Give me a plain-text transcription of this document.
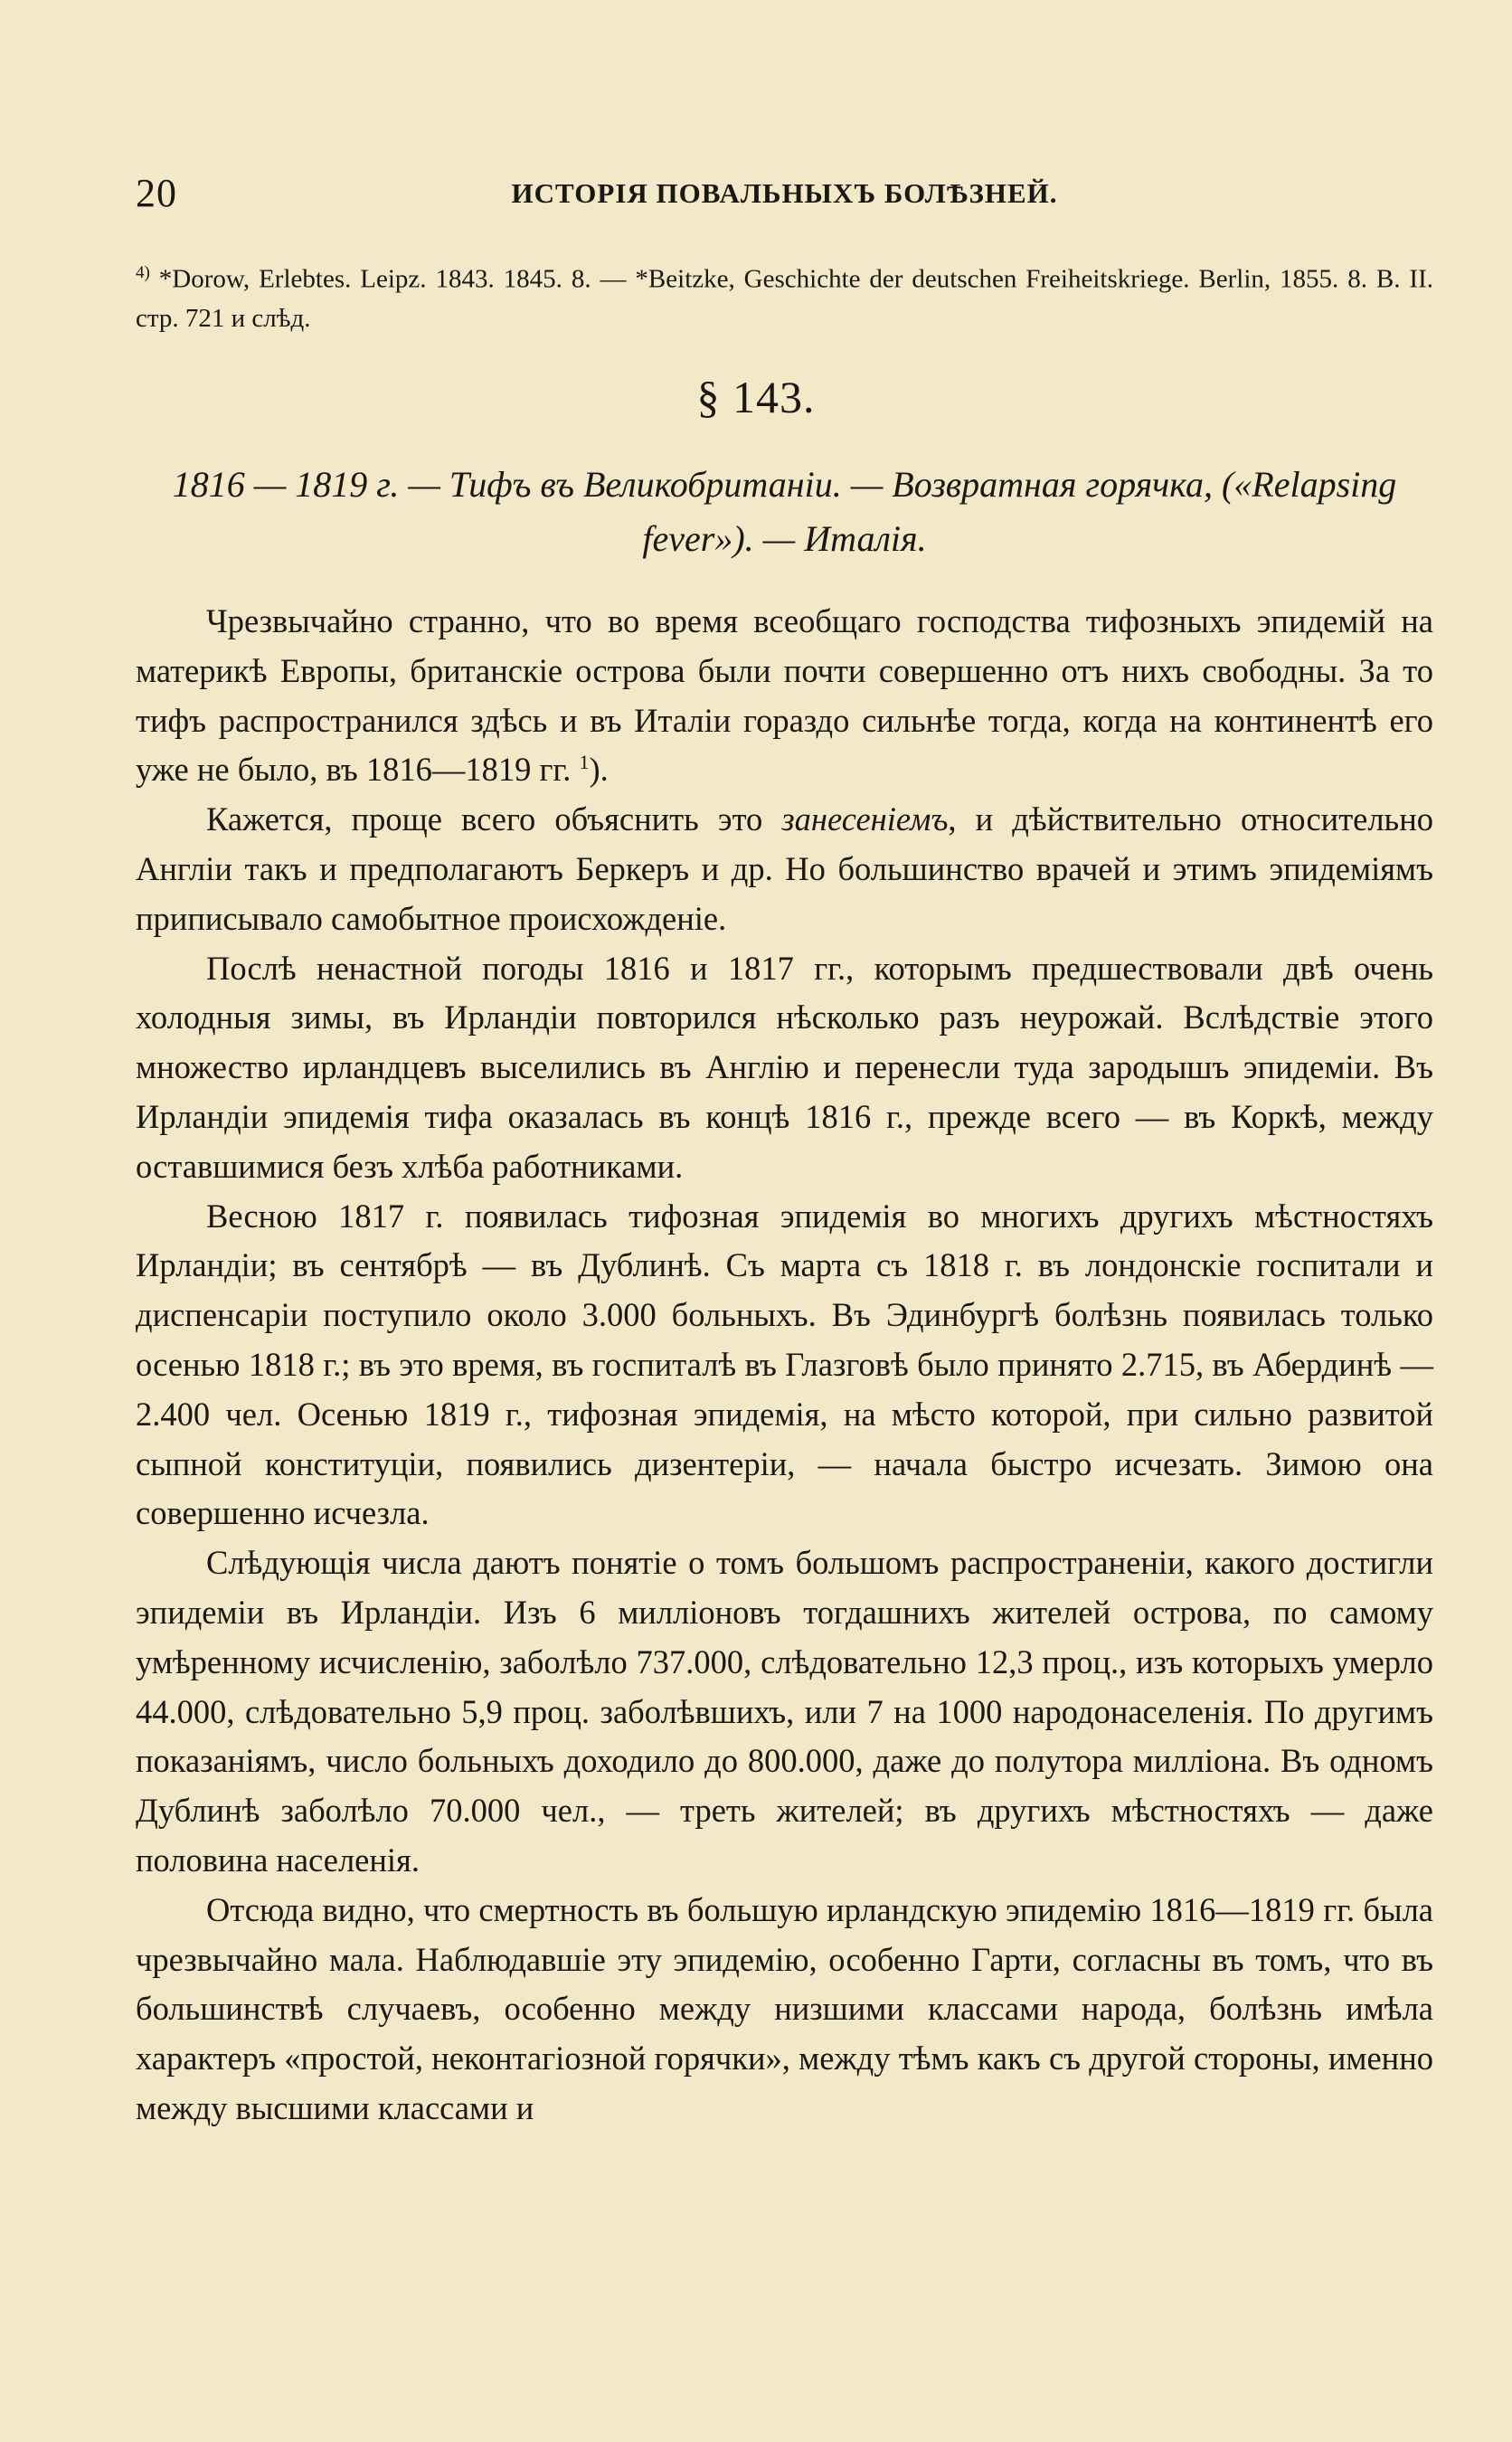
20	ИСТОРІЯ ПОВАЛЬНЫХЪ БОЛѢЗНЕЙ.
$^{4)}$ *Dorow, Erlebtes. Leipz. 1843. 1845. 8. — *Beitzke, Geschichte der deutschen Freiheitskriege. Berlin, 1855. 8. B. II. стр. 721 и слѣд.
§ 143.
1816 — 1819 г. — Тифъ въ Великобританіи. — Возвратная горячка, («Relapsing fever»). — Италія.

Чрезвычайно странно, что во время всеобщаго господства тифозныхъ эпидемій на материкѣ Европы, британскіе острова были почти совершенно отъ нихъ свободны. За то тифъ распространился здѣсь и въ Италіи гораздо сильнѣе тогда, когда на континентѣ его уже не было, въ 1816—1819 гг. $^1$).

Кажется, проще всего объяснить это занесеніемъ, и дѣйствительно относительно Англіи такъ и предполагаютъ Беркеръ и др. Но большинство врачей и этимъ эпидеміямъ приписывало самобытное происхожденіе.

Послѣ ненастной погоды 1816 и 1817 гг., которымъ предшествовали двѣ очень холодныя зимы, въ Ирландіи повторился нѣсколько разъ неурожай. Вслѣдствіе этого множество ирландцевъ выселились въ Англію и перенесли туда зародышъ эпидеміи. Въ Ирландіи эпидемія тифа оказалась въ концѣ 1816 г., прежде всего — въ Коркѣ, между оставшимися безъ хлѣба работниками.

Весною 1817 г. появилась тифозная эпидемія во многихъ другихъ мѣстностяхъ Ирландіи; въ сентябрѣ — въ Дублинѣ. Съ марта съ 1818 г. въ лондонскіе госпитали и диспенсаріи поступило около 3.000 больныхъ. Въ Эдинбургѣ болѣзнь появилась только осенью 1818 г.; въ это время, въ госпиталѣ въ Глазговѣ было принято 2.715, въ Абердинѣ — 2.400 чел. Осенью 1819 г., тифозная эпидемія, на мѣсто которой, при сильно развитой сыпной конституціи, появились дизентеріи, — начала быстро исчезать. Зимою она совершенно исчезла.

Слѣдующія числа даютъ понятіе о томъ большомъ распространеніи, какого достигли эпидеміи въ Ирландіи. Изъ 6 милліоновъ тогдашнихъ жителей острова, по самому умѣренному исчисленію, заболѣло 737.000, слѣдовательно 12,3 проц., изъ которыхъ умерло 44.000, слѣдовательно 5,9 проц. заболѣвшихъ, или 7 на 1000 народонаселенія. По другимъ показаніямъ, число больныхъ доходило до 800.000, даже до полутора милліона. Въ одномъ Дублинѣ заболѣло 70.000 чел., — треть жителей; въ другихъ мѣстностяхъ — даже половина населенія.

Отсюда видно, что смертность въ большую ирландскую эпидемію 1816—1819 гг. была чрезвычайно мала. Наблюдавшіе эту эпидемію, особенно Гарти, согласны въ томъ, что въ большинствѣ случаевъ, особенно между низшими классами народа, болѣзнь имѣла характеръ «простой, неконтагіозной горячки», между тѣмъ какъ съ другой стороны, именно между высшими классами и
